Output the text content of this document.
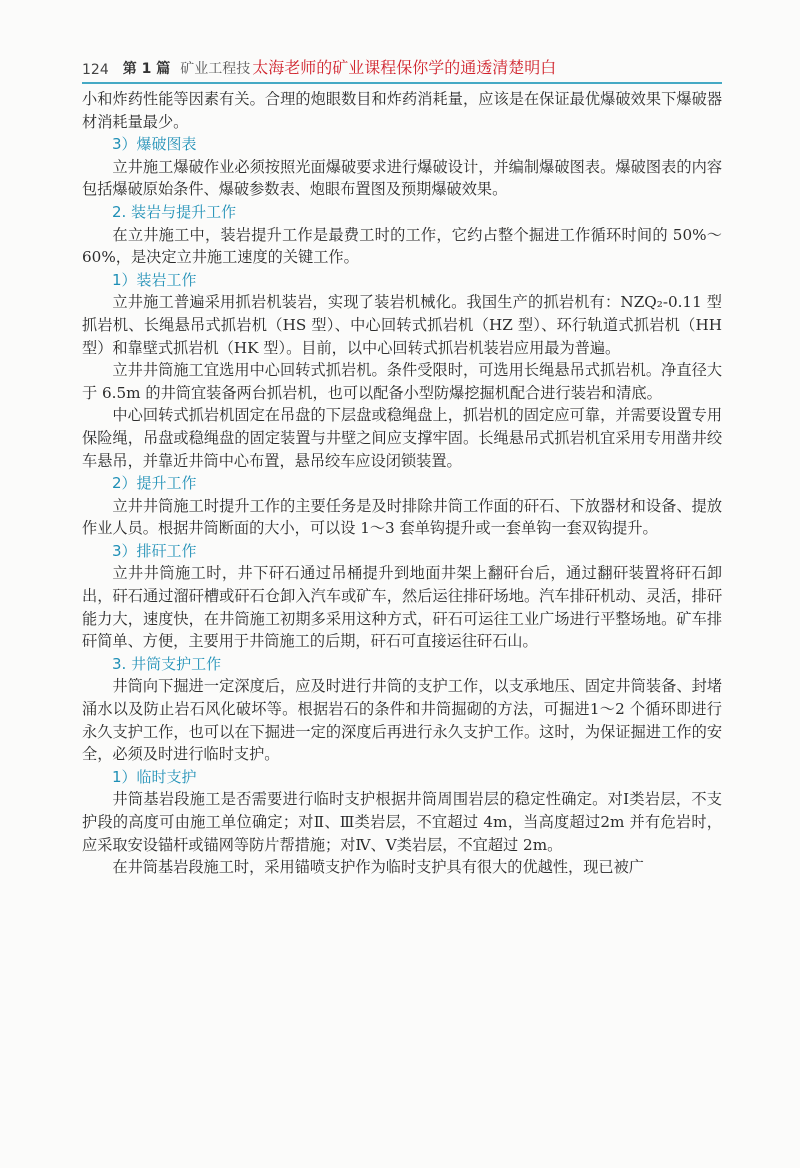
124 第 1 篇 矿业工程技 太海老师的矿业课程保你学的通透清楚明白

小和炸药性能等因素有关。合理的炮眼数目和炸药消耗量，应该是在保证最优爆破效果下爆破器材消耗量最少。

3）爆破图表

立井施工爆破作业必须按照光面爆破要求进行爆破设计，并编制爆破图表。爆破图表的内容包括爆破原始条件、爆破参数表、炮眼布置图及预期爆破效果。

2. 装岩与提升工作

在立井施工中，装岩提升工作是最费工时的工作，它约占整个掘进工作循环时间的 50%～60%，是决定立井施工速度的关键工作。

1）装岩工作

立井施工普遍采用抓岩机装岩，实现了装岩机械化。我国生产的抓岩机有：NZQ₂-0.11 型抓岩机、长绳悬吊式抓岩机（HS 型）、中心回转式抓岩机（HZ 型）、环行轨道式抓岩机（HH 型）和靠壁式抓岩机（HK 型）。目前，以中心回转式抓岩机装岩应用最为普遍。

立井井筒施工宜选用中心回转式抓岩机。条件受限时，可选用长绳悬吊式抓岩机。净直径大于 6.5m 的井筒宜装备两台抓岩机，也可以配备小型防爆挖掘机配合进行装岩和清底。

中心回转式抓岩机固定在吊盘的下层盘或稳绳盘上，抓岩机的固定应可靠，并需要设置专用保险绳，吊盘或稳绳盘的固定装置与井壁之间应支撑牢固。长绳悬吊式抓岩机宜采用专用凿井绞车悬吊，并靠近井筒中心布置，悬吊绞车应设闭锁装置。

2）提升工作

立井井筒施工时提升工作的主要任务是及时排除井筒工作面的矸石、下放器材和设备、提放作业人员。根据井筒断面的大小，可以设 1～3 套单钩提升或一套单钩一套双钩提升。

3）排矸工作

立井井筒施工时，井下矸石通过吊桶提升到地面井架上翻矸台后，通过翻矸装置将矸石卸出，矸石通过溜矸槽或矸石仓卸入汽车或矿车，然后运往排矸场地。汽车排矸机动、灵活，排矸能力大，速度快，在井筒施工初期多采用这种方式，矸石可运往工业广场进行平整场地。矿车排矸简单、方便，主要用于井筒施工的后期，矸石可直接运往矸石山。

3. 井筒支护工作

井筒向下掘进一定深度后，应及时进行井筒的支护工作，以支承地压、固定井筒装备、封堵涌水以及防止岩石风化破坏等。根据岩石的条件和井筒掘砌的方法，可掘进1～2 个循环即进行永久支护工作，也可以在下掘进一定的深度后再进行永久支护工作。这时，为保证掘进工作的安全，必须及时进行临时支护。

1）临时支护

井筒基岩段施工是否需要进行临时支护根据井筒周围岩层的稳定性确定。对Ⅰ类岩层，不支护段的高度可由施工单位确定；对Ⅱ、Ⅲ类岩层，不宜超过 4m，当高度超过2m 并有危岩时，应采取安设锚杆或锚网等防片帮措施；对Ⅳ、Ⅴ类岩层，不宜超过 2m。

在井筒基岩段施工时，采用锚喷支护作为临时支护具有很大的优越性，现已被广
